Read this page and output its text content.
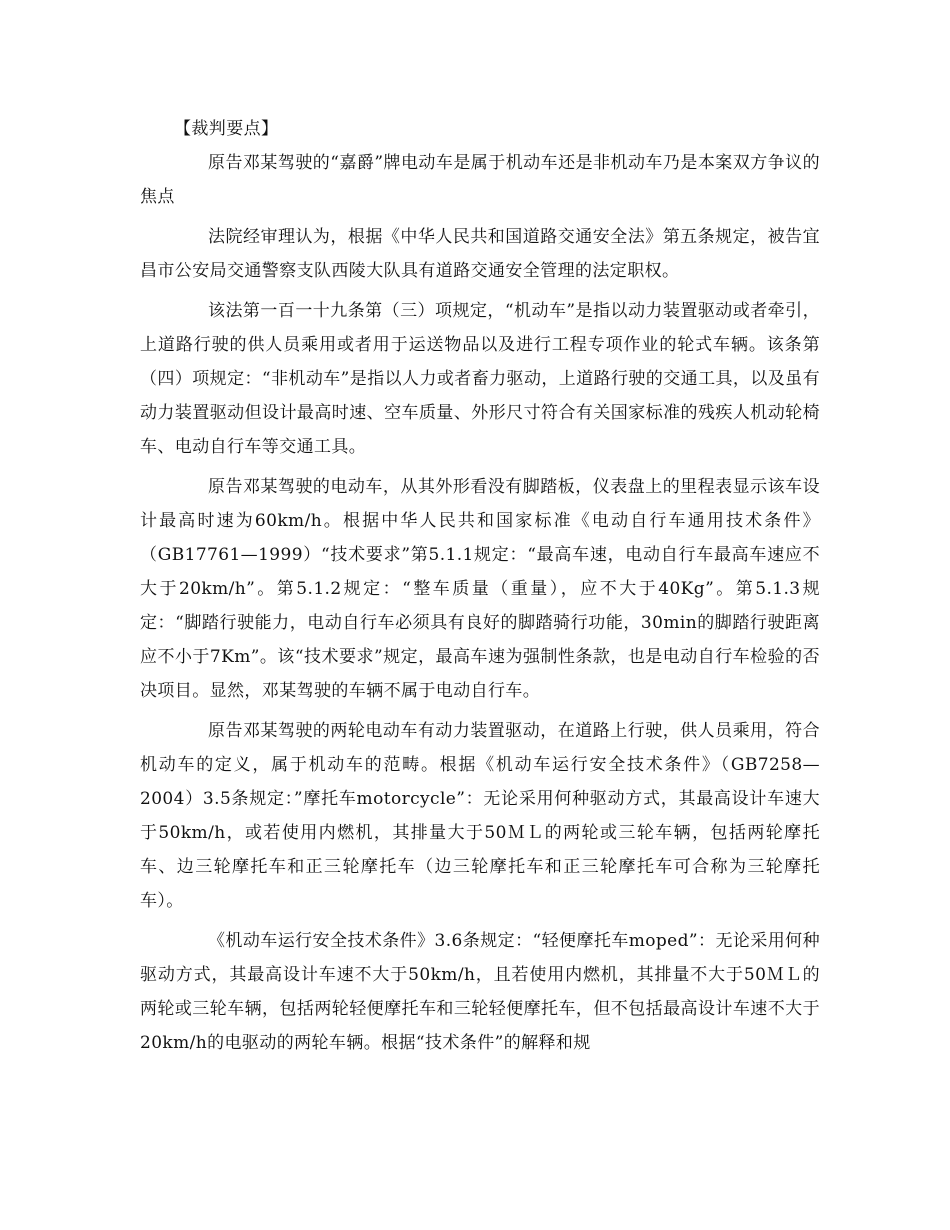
【裁判要点】

原告邓某驾驶的“嘉爵”牌电动车是属于机动车还是非机动车乃是本案双方争议的焦点

法院经审理认为，根据《中华人民共和国道路交通安全法》第五条规定，被告宜昌市公安局交通警察支队西陵大队具有道路交通安全管理的法定职权。

该法第一百一十九条第（三）项规定，“机动车”是指以动力装置驱动或者牵引，上道路行驶的供人员乘用或者用于运送物品以及进行工程专项作业的轮式车辆。该条第（四）项规定：“非机动车”是指以人力或者畜力驱动，上道路行驶的交通工具，以及虽有动力装置驱动但设计最高时速、空车质量、外形尺寸符合有关国家标准的残疾人机动轮椅车、电动自行车等交通工具。

原告邓某驾驶的电动车，从其外形看没有脚踏板，仪表盘上的里程表显示该车设计最高时速为60km/h。根据中华人民共和国家标准《电动自行车通用技术条件》（GB17761—1999）“技术要求”第5.1.1规定：“最高车速，电动自行车最高车速应不大于20km/h”。第5.1.2规定：“整车质量（重量），应不大于40Kg”。第5.1.3规定：“脚踏行驶能力，电动自行车必须具有良好的脚踏骑行功能，30min的脚踏行驶距离应不小于7Km”。该“技术要求”规定，最高车速为强制性条款，也是电动自行车检验的否决项目。显然，邓某驾驶的车辆不属于电动自行车。

原告邓某驾驶的两轮电动车有动力装置驱动，在道路上行驶，供人员乘用，符合机动车的定义，属于机动车的范畴。根据《机动车运行安全技术条件》（GB7258—2004）3.5条规定：”摩托车motorcycle”：无论采用何种驱动方式，其最高设计车速大于50km/h，或若使用内燃机，其排量大于50ＭＬ的两轮或三轮车辆，包括两轮摩托车、边三轮摩托车和正三轮摩托车（边三轮摩托车和正三轮摩托车可合称为三轮摩托车）。

《机动车运行安全技术条件》3.6条规定：“轻便摩托车moped”：无论采用何种驱动方式，其最高设计车速不大于50km/h，且若使用内燃机，其排量不大于50ＭＬ的两轮或三轮车辆，包括两轮轻便摩托车和三轮轻便摩托车，但不包括最高设计车速不大于20km/h的电驱动的两轮车辆。根据“技术条件”的解释和规
